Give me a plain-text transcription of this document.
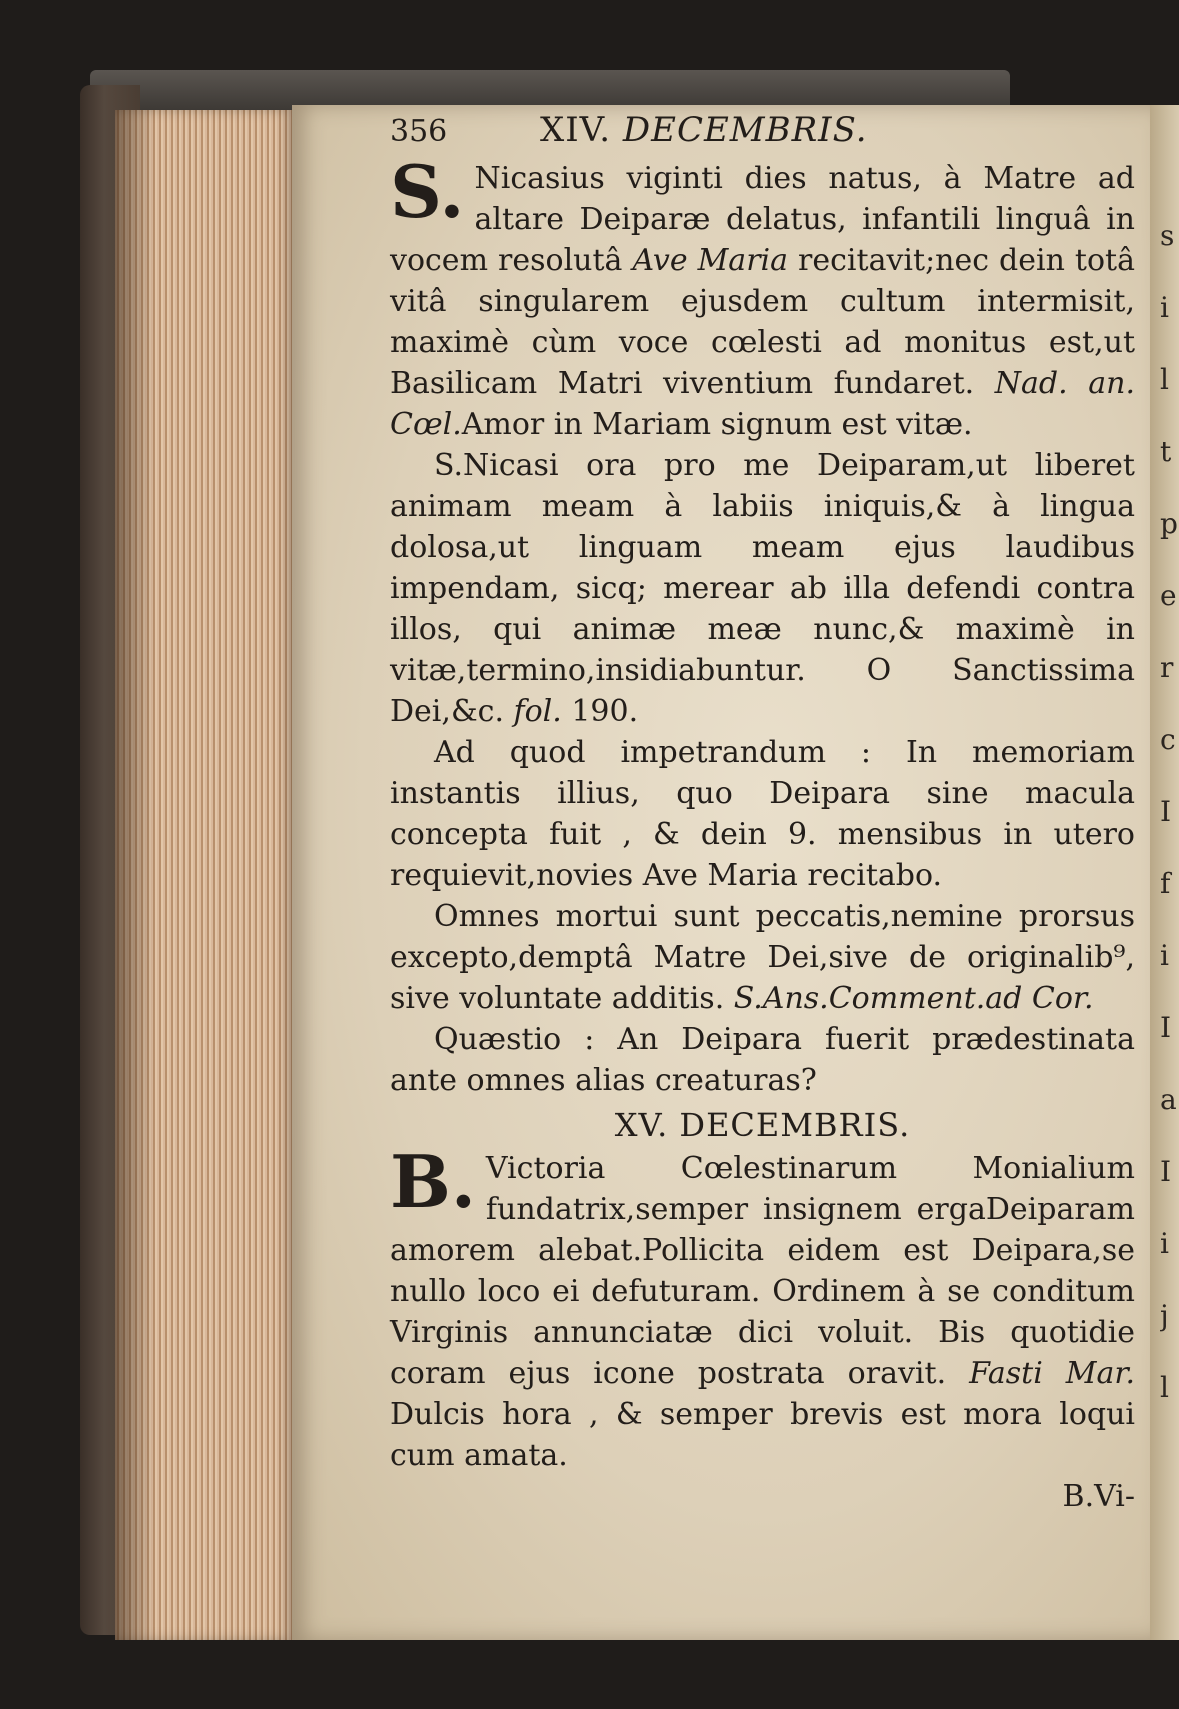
s i l t p e r c I f i I a I i j l
356	XIV. DECEMBRIS.

S. Nicasius viginti dies natus, à Matre ad altare Deiparæ delatus, infantili linguâ in vocem resolutâ Ave Maria recitavit;nec dein totâ vitâ singularem ejusdem cultum intermisit, maximè cùm voce cœlesti ad monitus est,ut Basilicam Matri viventium fundaret. Nad. an. Cœl.Amor in Mariam signum est vitæ.

S.Nicasi ora pro me Deiparam,ut liberet animam meam à labiis iniquis,& à lingua dolosa,ut linguam meam ejus laudibus impendam, sicq; merear ab illa defendi contra illos, qui animæ meæ nunc,& maximè in vitæ,termino,insidiabuntur. O Sanctissima Dei,&c. fol. 190.

Ad quod impetrandum : In memoriam instantis illius, quo Deipara sine macula concepta fuit , & dein 9. mensibus in utero requievit,novies Ave Maria recitabo.

Omnes mortui sunt peccatis,nemine prorsus excepto,demptâ Matre Dei,sive de originalib⁹, sive voluntate additis. S.Ans.Comment.ad Cor.

Quæstio : An Deipara fuerit prædestinata ante omnes alias creaturas?

XV. DECEMBRIS.

B. Victoria Cœlestinarum Monialium fundatrix,semper insignem ergaDeiparam amorem alebat.Pollicita eidem est Deipara,se nullo loco ei defuturam. Ordinem à se conditum Virginis annunciatæ dici voluit. Bis quotidie coram ejus icone postrata oravit. Fasti Mar. Dulcis hora , & semper brevis est mora loqui cum amata.

B.Vi-
